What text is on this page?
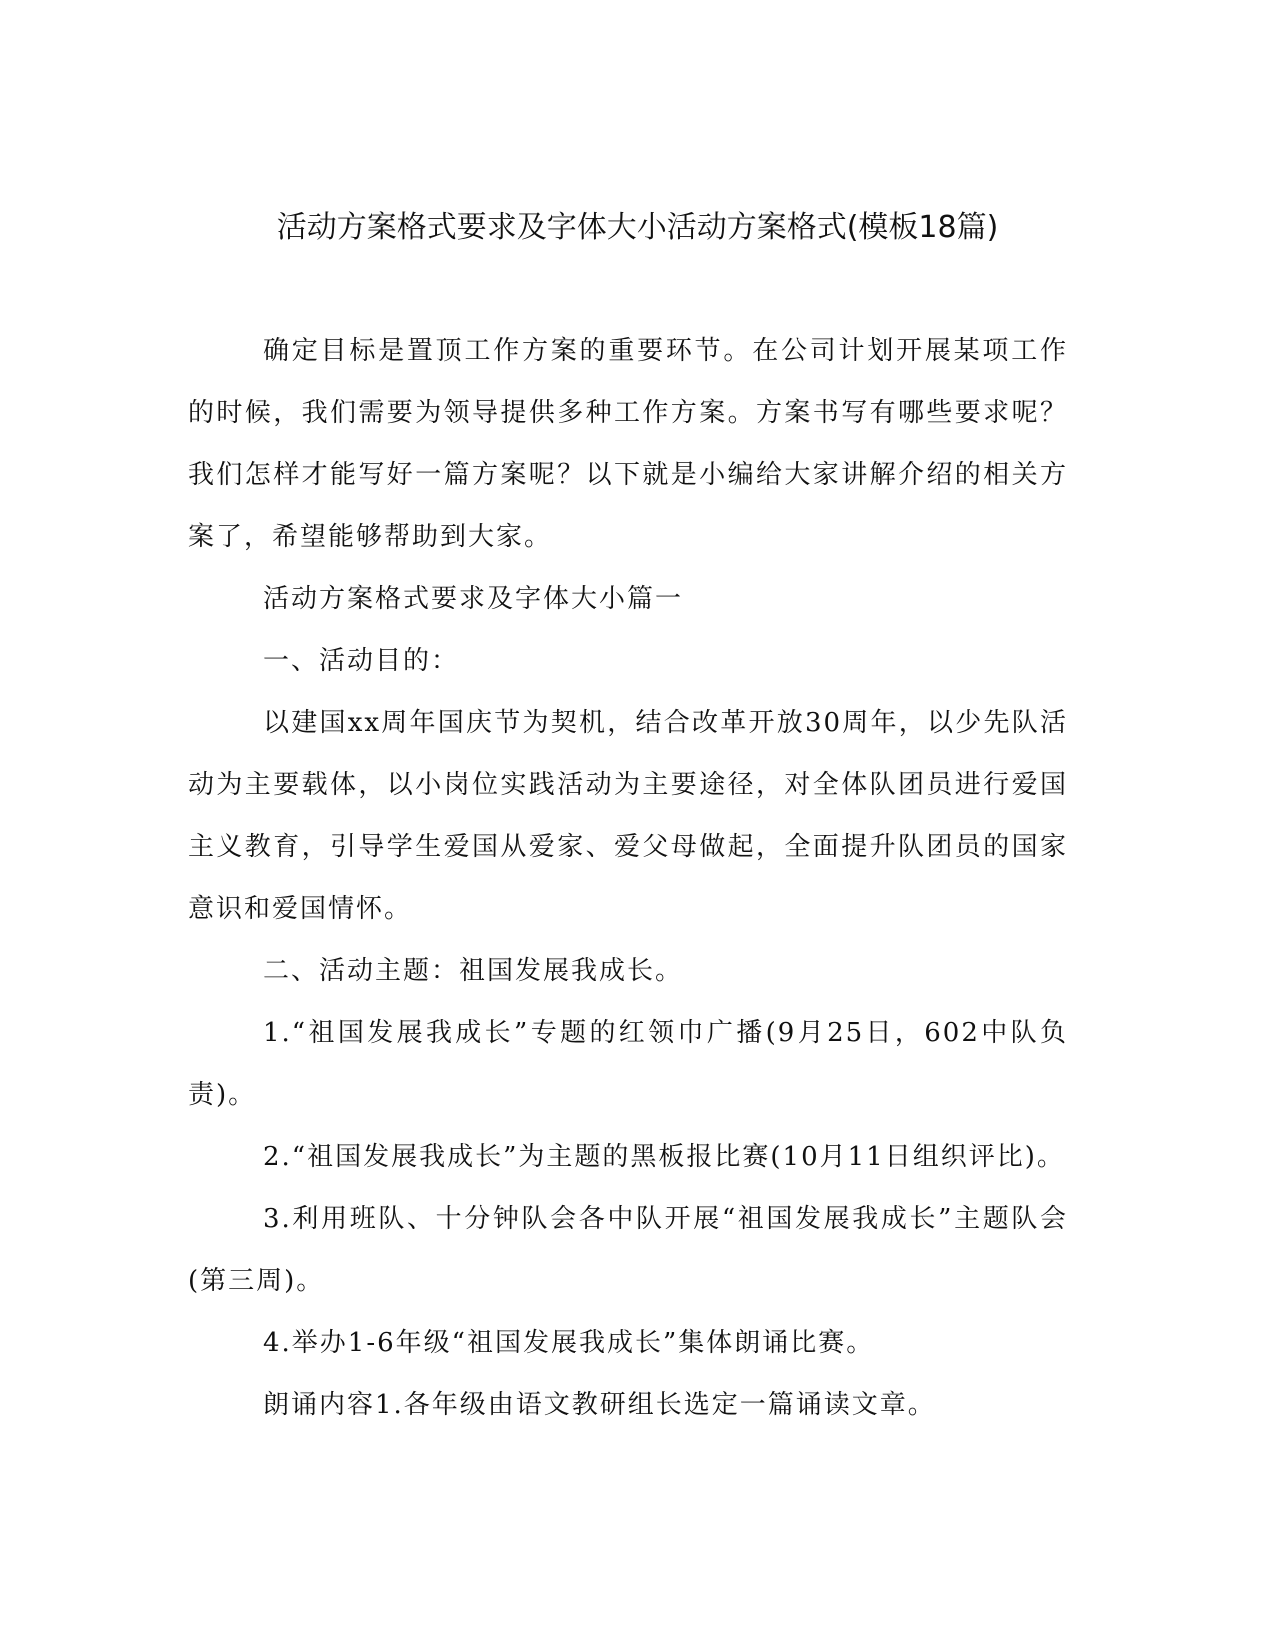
活动方案格式要求及字体大小活动方案格式(模板18篇)

确定目标是置顶工作方案的重要环节。在公司计划开展某项工作的时候，我们需要为领导提供多种工作方案。方案书写有哪些要求呢？我们怎样才能写好一篇方案呢？以下就是小编给大家讲解介绍的相关方案了，希望能够帮助到大家。

活动方案格式要求及字体大小篇一

一、活动目的：

以建国xx周年国庆节为契机，结合改革开放30周年，以少先队活动为主要载体，以小岗位实践活动为主要途径，对全体队团员进行爱国主义教育，引导学生爱国从爱家、爱父母做起，全面提升队团员的国家意识和爱国情怀。

二、活动主题：祖国发展我成长。

1.“祖国发展我成长”专题的红领巾广播(9月25日，602中队负责)。

2.“祖国发展我成长”为主题的黑板报比赛(10月11日组织评比)。

3.利用班队、十分钟队会各中队开展“祖国发展我成长”主题队会(第三周)。

4.举办1-6年级“祖国发展我成长”集体朗诵比赛。

朗诵内容1.各年级由语文教研组长选定一篇诵读文章。
